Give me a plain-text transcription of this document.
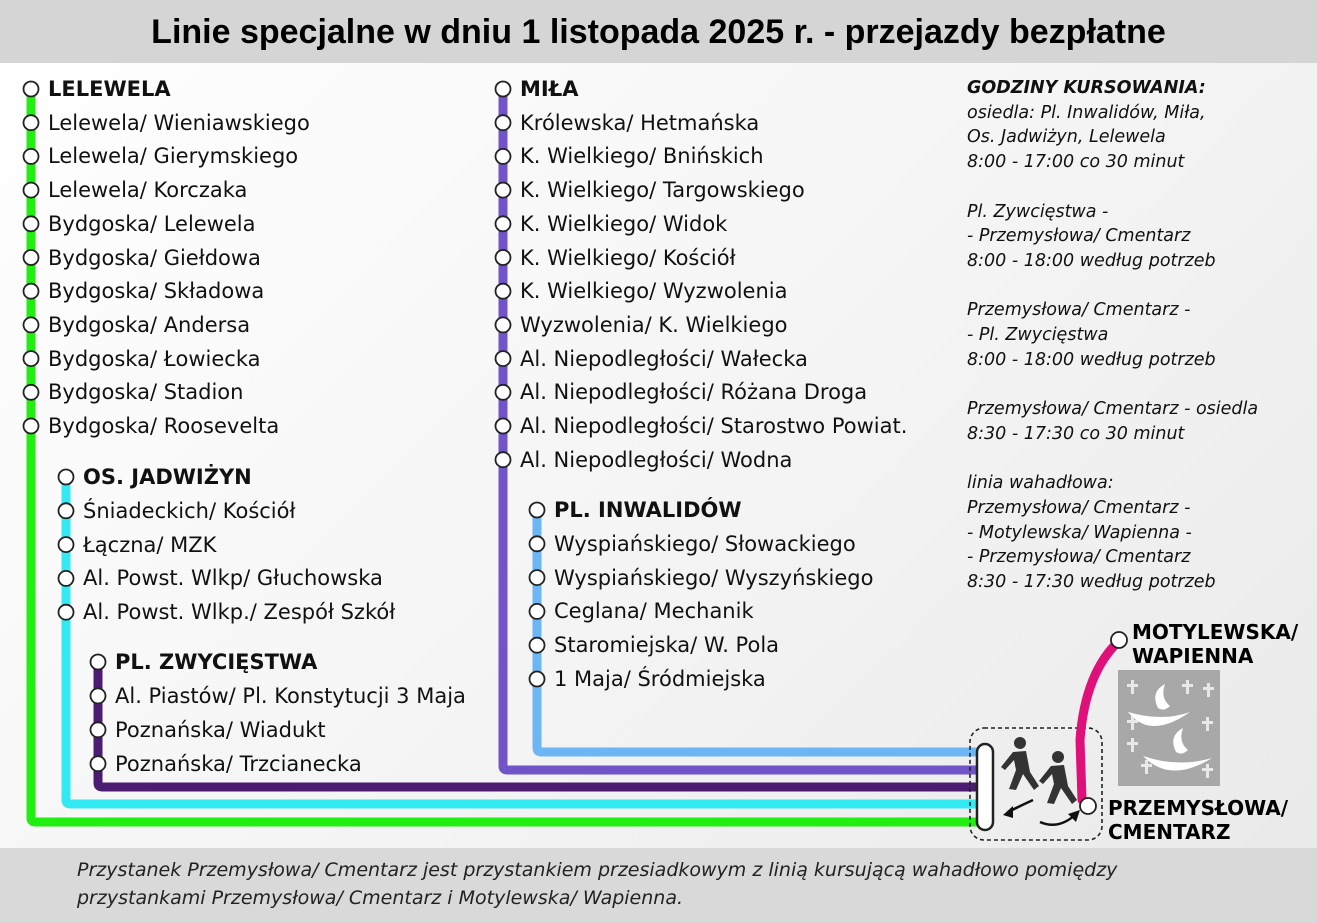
Linie specjalne w dniu 1 listopada 2025 r. - przejazdy bezpłatne
LELEWELA
Lelewela/ Wieniawskiego
Lelewela/ Gierymskiego
Lelewela/ Korczaka
Bydgoska/ Lelewela
Bydgoska/ Giełdowa
Bydgoska/ Składowa
Bydgoska/ Andersa
Bydgoska/ Łowiecka
Bydgoska/ Stadion
Bydgoska/ Roosevelta
OS. JADWIŻYN
Śniadeckich/ Kościół
Łączna/ MZK
Al. Powst. Wlkp/ Głuchowska
Al. Powst. Wlkp./ Zespół Szkół
PL. ZWYCIĘSTWA
Al. Piastów/ Pl. Konstytucji 3 Maja
Poznańska/ Wiadukt
Poznańska/ Trzcianecka
MIŁA
Królewska/ Hetmańska
K. Wielkiego/ Bnińskich
K. Wielkiego/ Targowskiego
K. Wielkiego/ Widok
K. Wielkiego/ Kościół
K. Wielkiego/ Wyzwolenia
Wyzwolenia/ K. Wielkiego
Al. Niepodległości/ Wałecka
Al. Niepodległości/ Różana Droga
Al. Niepodległości/ Starostwo Powiat.
Al. Niepodległości/ Wodna
PL. INWALIDÓW
Wyspiańskiego/ Słowackiego
Wyspiańskiego/ Wyszyńskiego
Ceglana/ Mechanik
Staromiejska/ W. Pola
1 Maja/ Śródmiejska
GODZINY KURSOWANIA:
osiedla: Pl. Inwalidów, Miła,
Os. Jadwiżyn, Lelewela
8:00 - 17:00 co 30 minut
Pl. Zywcięstwa -
- Przemysłowa/ Cmentarz
8:00 - 18:00 według potrzeb
Przemysłowa/ Cmentarz -
- Pl. Zwycięstwa
8:00 - 18:00 według potrzeb
Przemysłowa/ Cmentarz - osiedla
8:30 - 17:30 co 30 minut
linia wahadłowa:
Przemysłowa/ Cmentarz -
- Motylewska/ Wapienna -
- Przemysłowa/ Cmentarz
8:30 - 17:30 według potrzeb
MOTYLEWSKA/
WAPIENNA
PRZEMYSŁOWA/
CMENTARZ

Przystanek Przemysłowa/ Cmentarz jest przystankiem przesiadkowym z linią kursującą wahadłowo pomiędzy

przystankami Przemysłowa/ Cmentarz i Motylewska/ Wapienna.
